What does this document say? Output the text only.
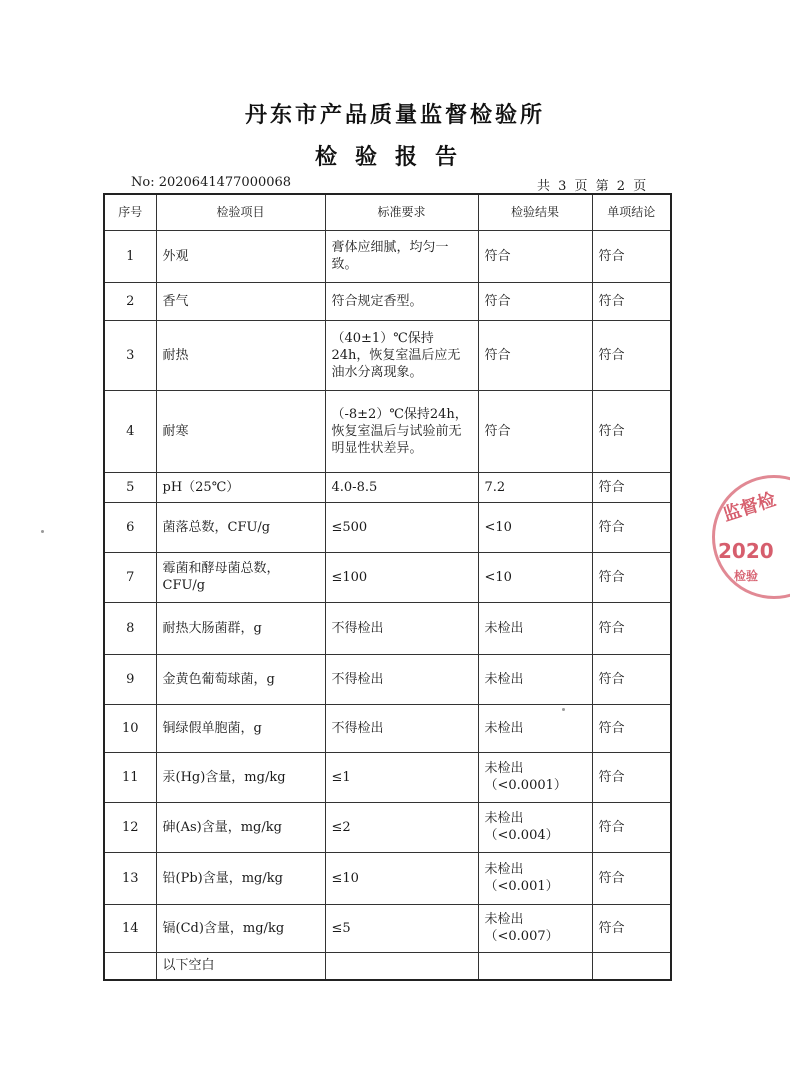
丹东市产品质量监督检验所
检验报告
No: 2020641477000068	共 3 页 第 2 页
序号	检验项目	标准要求	检验结果	单项结论
1	外观	膏体应细腻，均匀一致。	符合	符合
2	香气	符合规定香型。	符合	符合
3	耐热	（40±1）℃保持24h，恢复室温后应无油水分离现象。	符合	符合
4	耐寒	（-8±2）℃保持24h，恢复室温后与试验前无明显性状差异。	符合	符合
5	pH（25℃）	4.0-8.5	7.2	符合
6	菌落总数，CFU/g	≤500	<10	符合
7	霉菌和酵母菌总数，CFU/g	≤100	<10	符合
8	耐热大肠菌群，g	不得检出	未检出	符合
9	金黄色葡萄球菌，g	不得检出	未检出	符合
10	铜绿假单胞菌，g	不得检出	未检出	符合
11	汞(Hg)含量，mg/kg	≤1	未检出（<0.0001）	符合
12	砷(As)含量，mg/kg	≤2	未检出（<0.004）	符合
13	铅(Pb)含量，mg/kg	≤10	未检出（<0.001）	符合
14	镉(Cd)含量，mg/kg	≤5	未检出（<0.007）	符合
	以下空白			
监督检
2020
检验
